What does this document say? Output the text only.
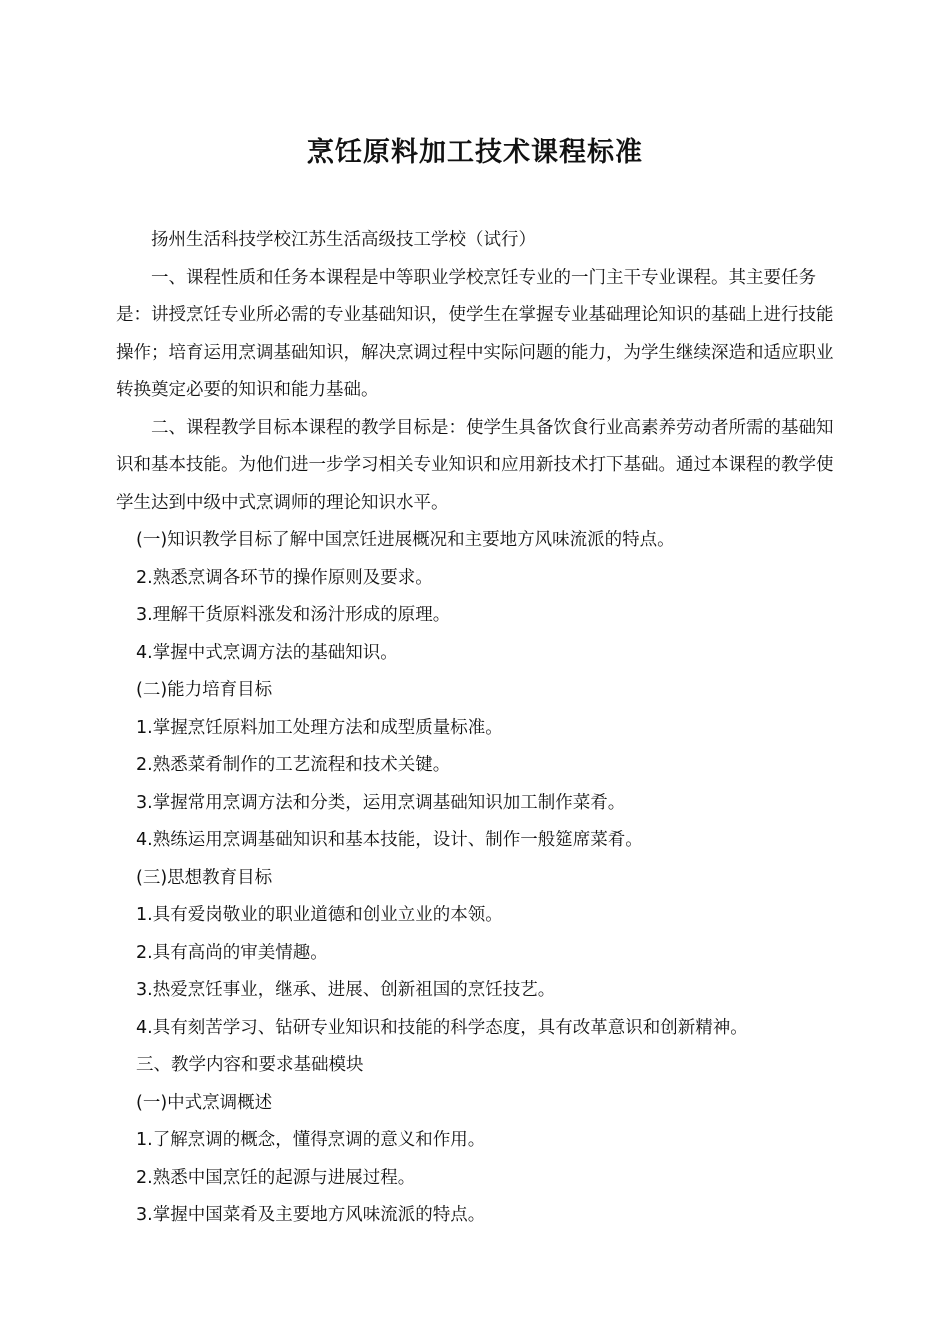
烹饪原料加工技术课程标准

扬州生活科技学校江苏生活高级技工学校（试行）

一、课程性质和任务本课程是中等职业学校烹饪专业的一门主干专业课程。其主要任务是：讲授烹饪专业所必需的专业基础知识，使学生在掌握专业基础理论知识的基础上进行技能操作；培育运用烹调基础知识，解决烹调过程中实际问题的能力，为学生继续深造和适应职业转换奠定必要的知识和能力基础。

二、课程教学目标本课程的教学目标是：使学生具备饮食行业高素养劳动者所需的基础知识和基本技能。为他们进一步学习相关专业知识和应用新技术打下基础。通过本课程的教学使学生达到中级中式烹调师的理论知识水平。

(一)知识教学目标了解中国烹饪进展概况和主要地方风味流派的特点。

2.熟悉烹调各环节的操作原则及要求。

3.理解干货原料涨发和汤汁形成的原理。

4.掌握中式烹调方法的基础知识。

(二)能力培育目标

1.掌握烹饪原料加工处理方法和成型质量标准。

2.熟悉菜肴制作的工艺流程和技术关键。

3.掌握常用烹调方法和分类，运用烹调基础知识加工制作菜肴。

4.熟练运用烹调基础知识和基本技能，设计、制作一般筵席菜肴。

(三)思想教育目标

1.具有爱岗敬业的职业道德和创业立业的本领。

2.具有高尚的审美情趣。

3.热爱烹饪事业，继承、进展、创新祖国的烹饪技艺。

4.具有刻苦学习、钻研专业知识和技能的科学态度，具有改革意识和创新精神。

三、教学内容和要求基础模块

(一)中式烹调概述

1.了解烹调的概念，懂得烹调的意义和作用。

2.熟悉中国烹饪的起源与进展过程。

3.掌握中国菜肴及主要地方风味流派的特点。
